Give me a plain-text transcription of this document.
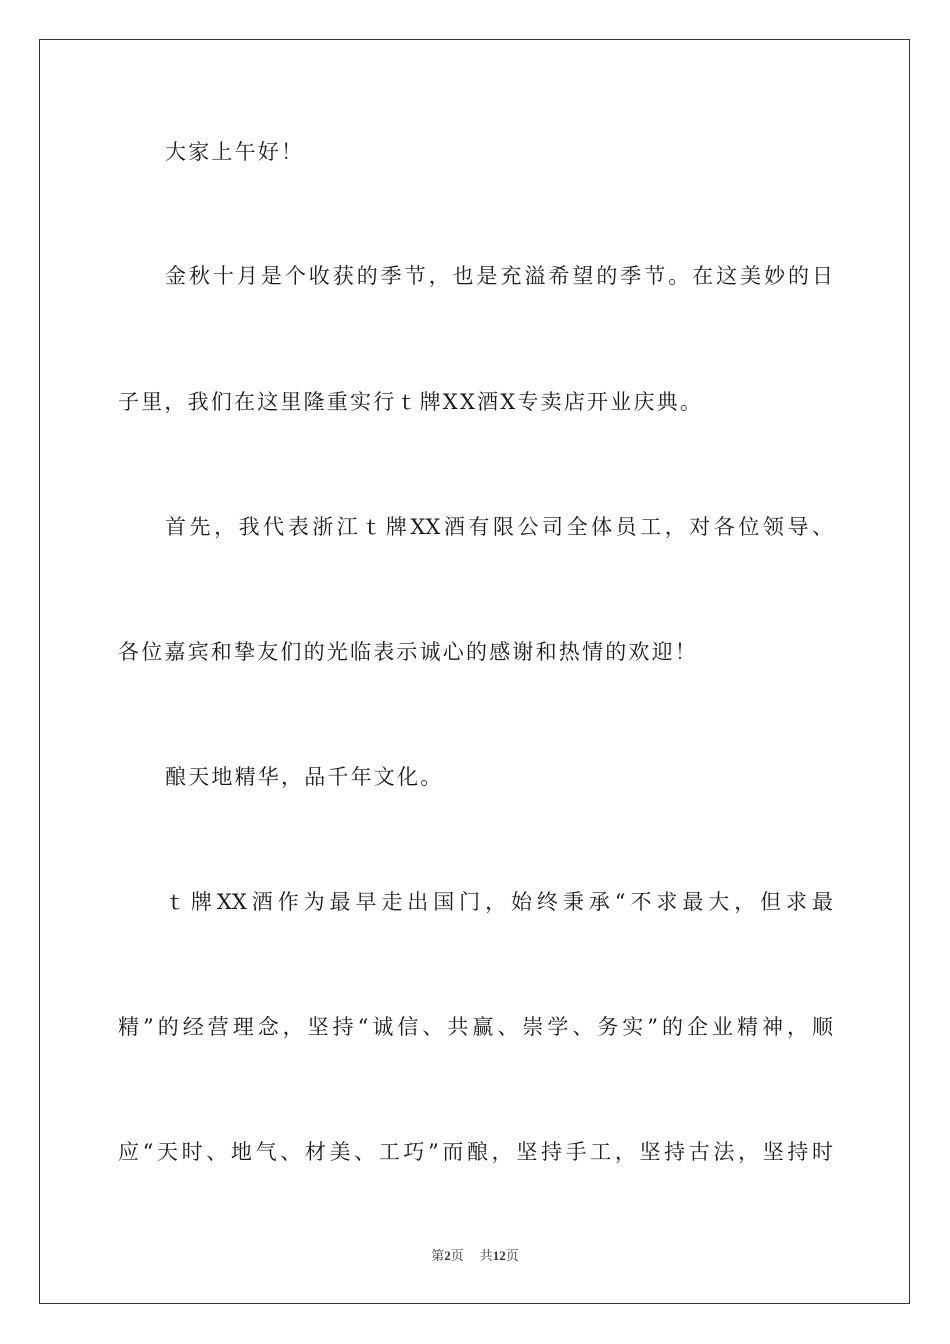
大家上午好！
金秋十月是个收获的季节，也是充溢希望的季节。在这美妙的日
子里，我们在这里隆重实行ｔ牌XX酒X专卖店开业庆典。
首先，我代表浙江ｔ牌XX酒有限公司全体员工，对各位领导、
各位嘉宾和挚友们的光临表示诚心的感谢和热情的欢迎！
酿天地精华，品千年文化。
ｔ牌XX酒作为最早走出国门，始终秉承“不求最大，但求最
精”的经营理念，坚持“诚信、共赢、崇学、务实”的企业精神，顺
应“天时、地气、材美、工巧”而酿，坚持手工，坚持古法，坚持时
第2页 共12页
